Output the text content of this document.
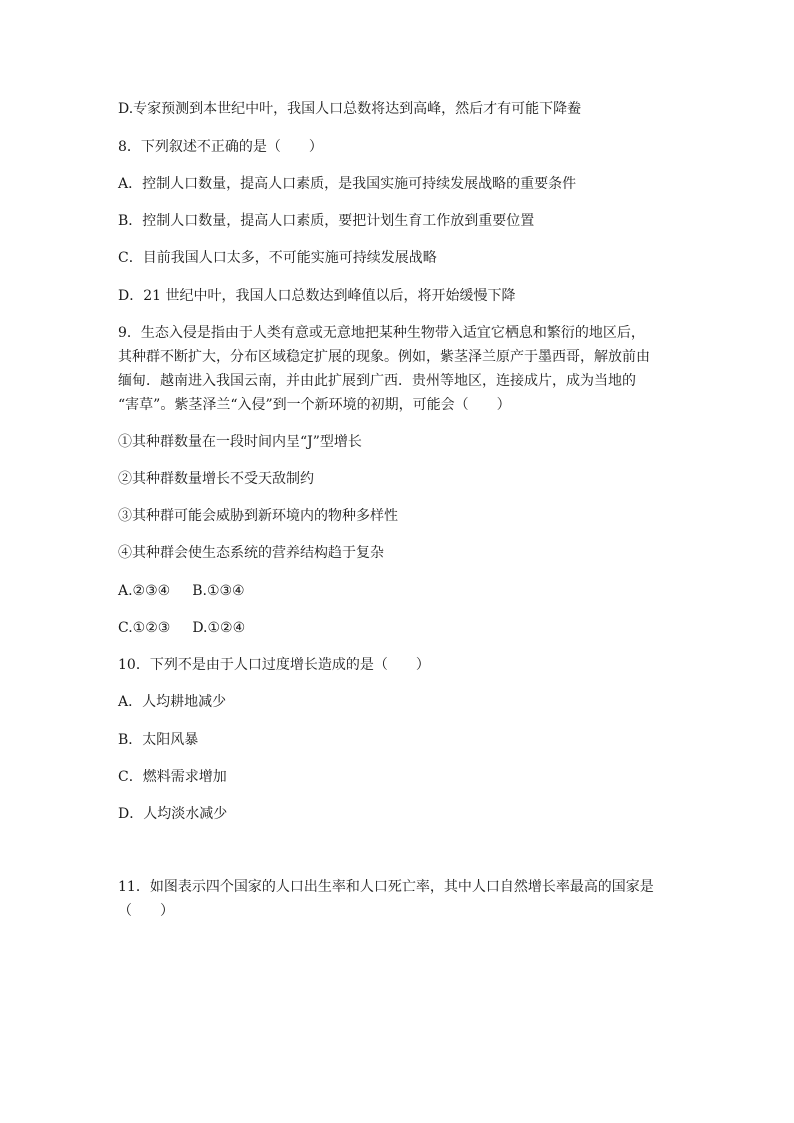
D.专家预测到本世纪中叶，我国人口总数将达到高峰，然后才有可能下降鲞
8．下列叙述不正确的是（　　）
A．控制人口数量，提高人口素质，是我国实施可持续发展战略的重要条件
B．控制人口数量，提高人口素质，要把计划生育工作放到重要位置
C．目前我国人口太多，不可能实施可持续发展战略
D．21 世纪中叶，我国人口总数达到峰值以后，将开始缓慢下降
9．生态入侵是指由于人类有意或无意地把某种生物带入适宜它栖息和繁衍的地区后，
其种群不断扩大，分布区域稳定扩展的现象。例如，紫茎泽兰原产于墨西哥，解放前由
缅甸．越南进入我国云南，并由此扩展到广西．贵州等地区，连接成片，成为当地的
“害草”。紫茎泽兰“入侵”到一个新环境的初期，可能会（　　）
①其种群数量在一段时间内呈“J”型增长
②其种群数量增长不受天敌制约
③其种群可能会威胁到新环境内的物种多样性
④其种群会使生态系统的营养结构趋于复杂
A.②③④ B.①③④
C.①②③ D.①②④
10．下列不是由于人口过度增长造成的是（　　）
A．人均耕地减少
B．太阳风暴
C．燃料需求增加
D．人均淡水减少
11．如图表示四个国家的人口出生率和人口死亡率，其中人口自然增长率最高的国家是
（　　）
